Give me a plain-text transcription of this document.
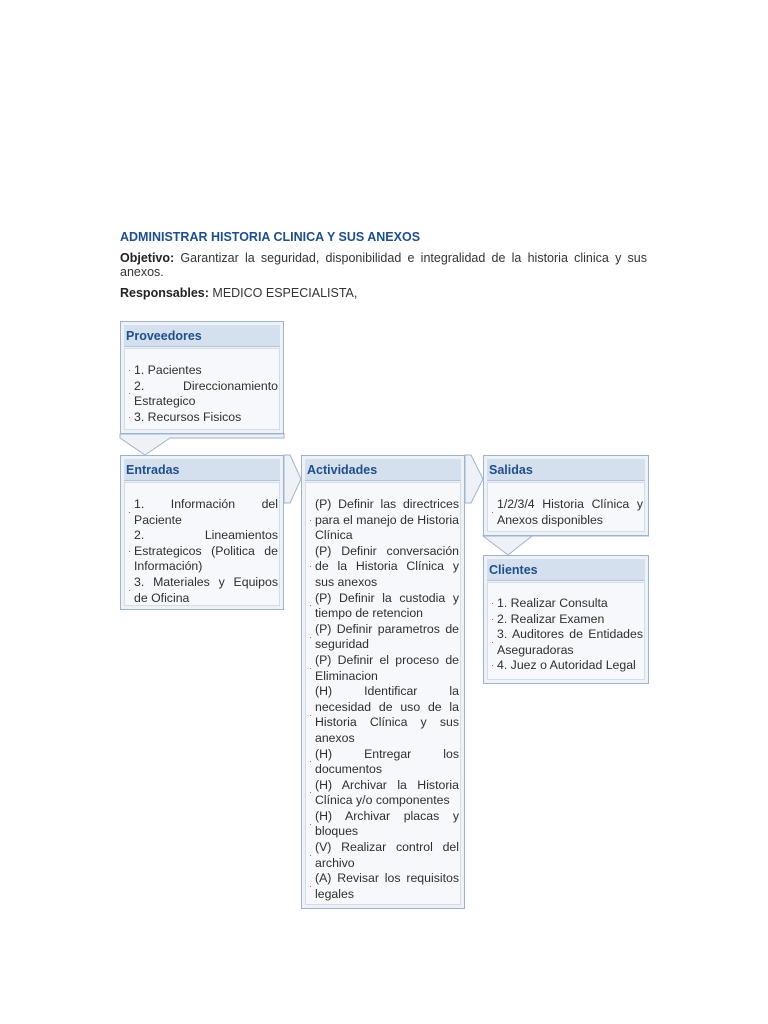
ADMINISTRAR HISTORIA CLINICA Y SUS ANEXOS
Objetivo: Garantizar la seguridad, disponibilidad e integralidad de la historia clinica y sus anexos.
Responsables: MEDICO ESPECIALISTA,
Proveedores
· 1. Pacientes
·
2. Direccionamiento Estrategico
· 3. Recursos Fisicos
Entradas
·
1. Información del Paciente
·
2. Lineamientos Estrategicos (Politica de Información)
·
3. Materiales y Equipos de Oficina
Actividades
·
(P) Definir las directrices para el manejo de Historia Clínica
·
(P) Definir conversación de la Historia Clínica y sus anexos
·
(P) Definir la custodia y tiempo de retencion
·
(P) Definir parametros de seguridad
·
(P) Definir el proceso de Eliminacion
·
(H) Identificar la necesidad de uso de la Historia Clínica y sus anexos
·
(H) Entregar los documentos
·
(H) Archivar la Historia Clínica y/o componentes
·
(H) Archivar placas y bloques
·
(V) Realizar control del archivo
·
(A) Revisar los requisitos legales
Salidas
·
1/2/3/4 Historia Clínica y Anexos disponibles
Clientes
· 1. Realizar Consulta
· 2. Realizar Examen
·
3. Auditores de Entidades Aseguradoras
· 4. Juez o Autoridad Legal
